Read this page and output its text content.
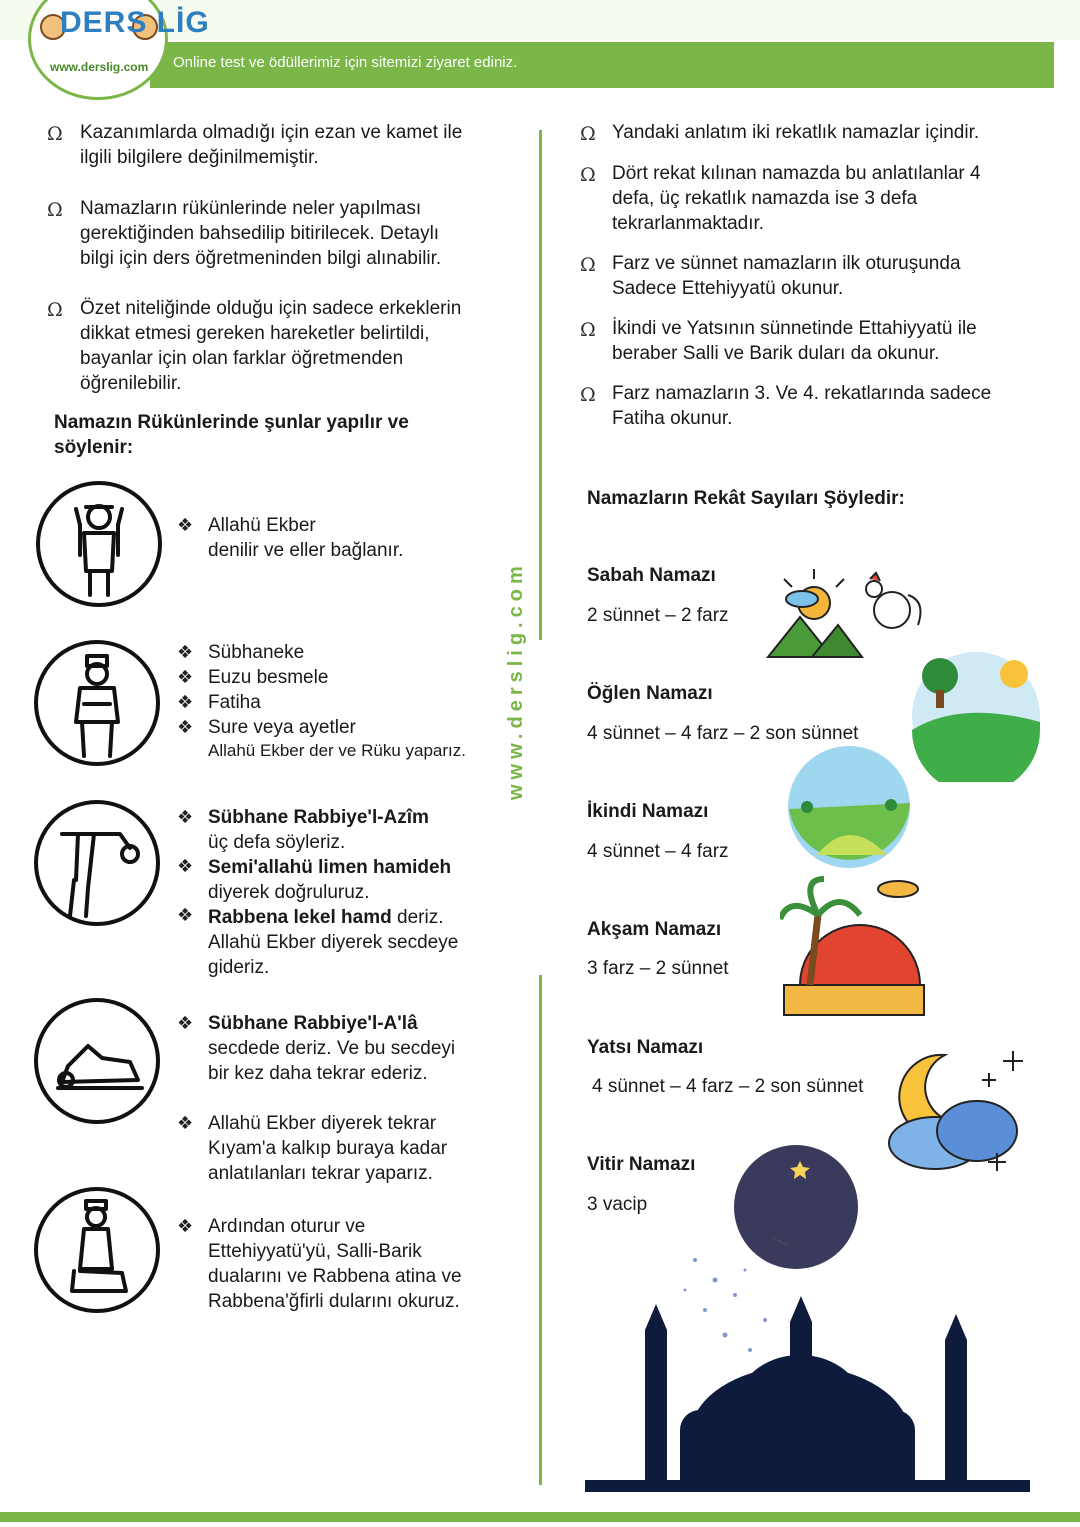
Online test ve ödüllerimiz için sitemizi ziyaret ediniz.
DERS LİG
www.derslig.com
Ω Kazanımlarda olmadığı için ezan ve kamet ile
ilgili bilgilere değinilmemiştir.
Ω Namazların rükünlerinde neler yapılması
gerektiğinden bahsedilip bitirilecek. Detaylı
bilgi için ders öğretmeninden bilgi alınabilir.
Ω Özet niteliğinde olduğu için sadece erkeklerin
dikkat etmesi gereken hareketler belirtildi,
bayanlar için olan farklar öğretmenden
öğrenilebilir.
Namazın Rükünlerinde şunlar yapılır ve
söylenir:
❖ Allahü Ekber
denilir ve eller bağlanır.
❖
❖
❖
❖
Sübhaneke
Euzu besmele
Fatiha
Sure veya ayetler
Allahü Ekber der ve Rüku yaparız.
❖
❖
❖
Sübhane Rabbiye'l-Azîm
üç defa söyleriz.
Semi'allahü limen hamideh
diyerek doğruluruz.
Rabbena lekel hamd deriz.
Allahü Ekber diyerek secdeye
gideriz.
❖ Sübhane Rabbiye'l-A'lâ
secdede deriz. Ve bu secdeyi
bir kez daha tekrar ederiz.
❖ Allahü Ekber diyerek tekrar
Kıyam'a kalkıp buraya kadar
anlatılanları tekrar yaparız.
❖ Ardından oturur ve
Ettehiyyatü'yü, Salli-Barik
dualarını ve Rabbena atina ve
Rabbena'ğfirli dularını okuruz.
www.derslig.com
Ω Yandaki anlatım iki rekatlık namazlar içindir.
Ω Dört rekat kılınan namazda bu anlatılanlar 4
defa, üç rekatlık namazda ise 3 defa
tekrarlanmaktadır.
Ω Farz ve sünnet namazların ilk oturuşunda
Sadece Ettehiyyatü okunur.
Ω İkindi ve Yatsının sünnetinde Ettahiyyatü ile
beraber Salli ve Barik duları da okunur.
Ω Farz namazların 3. Ve 4. rekatlarında sadece
Fatiha okunur.
Namazların Rekât Sayıları Şöyledir:
Sabah Namazı
2 sünnet – 2 farz
Öğlen Namazı
4 sünnet – 4 farz – 2 son sünnet
İkindi Namazı
4 sünnet – 4 farz
Akşam Namazı
3 farz – 2 sünnet
Yatsı Namazı
4 sünnet – 4 farz – 2 son sünnet
Vitir Namazı
3 vacip
